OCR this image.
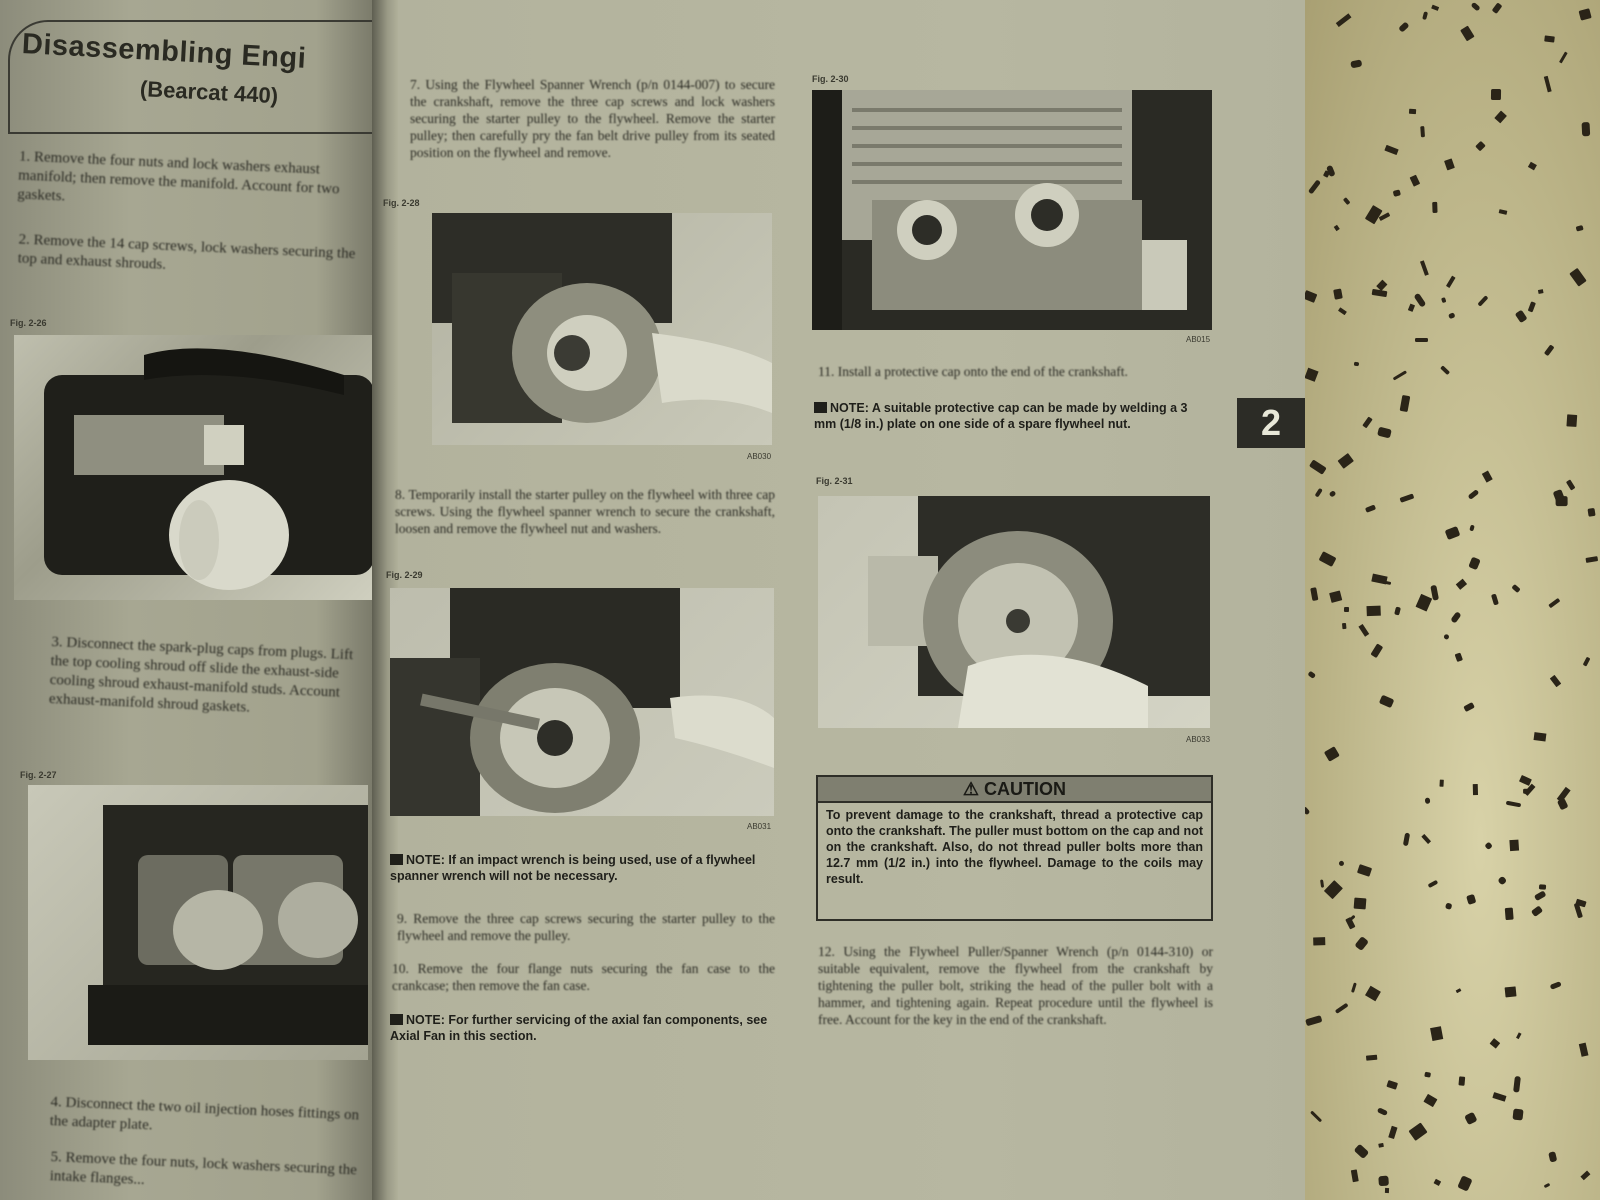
Disassembling Engi
(Bearcat 440)
1. Remove the four nuts and lock washers exhaust manifold; then remove the manifold. Account for two gaskets.
2. Remove the 14 cap screws, lock washers securing the top and exhaust shrouds.
Fig. 2-26
3. Disconnect the spark-plug caps from plugs. Lift the top cooling shroud off slide the exhaust-side cooling shroud exhaust-manifold studs. Account exhaust-manifold shroud gaskets.
Fig. 2-27
4. Disconnect the two oil injection hoses fittings on the adapter plate.
5. Remove the four nuts, lock washers securing the intake flanges...
7. Using the Flywheel Spanner Wrench (p/n 0144-007) to secure the crankshaft, remove the three cap screws and lock washers securing the starter pulley to the flywheel. Remove the starter pulley; then carefully pry the fan belt drive pulley from its seated position on the flywheel and remove.
Fig. 2-28
AB030
8. Temporarily install the starter pulley on the flywheel with three cap screws. Using the flywheel spanner wrench to secure the crankshaft, loosen and remove the flywheel nut and washers.
Fig. 2-29
AB031
NOTE: If an impact wrench is being used, use of a flywheel spanner wrench will not be necessary.
9. Remove the three cap screws securing the starter pulley to the flywheel and remove the pulley.
10. Remove the four flange nuts securing the fan case to the crankcase; then remove the fan case.
NOTE: For further servicing of the axial fan components, see Axial Fan in this section.
Fig. 2-30
AB015
11. Install a protective cap onto the end of the crankshaft.
NOTE: A suitable protective cap can be made by welding a 3 mm (1/8 in.) plate on one side of a spare flywheel nut.
Fig. 2-31
AB033
⚠ CAUTION
To prevent damage to the crankshaft, thread a protective cap onto the crankshaft. The puller must bottom on the cap and not on the crankshaft. Also, do not thread puller bolts more than 12.7 mm (1/2 in.) into the flywheel. Damage to the coils may result.
12. Using the Flywheel Puller/Spanner Wrench (p/n 0144-310) or suitable equivalent, remove the flywheel from the crankshaft by tightening the puller bolt, striking the head of the puller bolt with a hammer, and tightening again. Repeat procedure until the flywheel is free. Account for the key in the end of the crankshaft.
2
